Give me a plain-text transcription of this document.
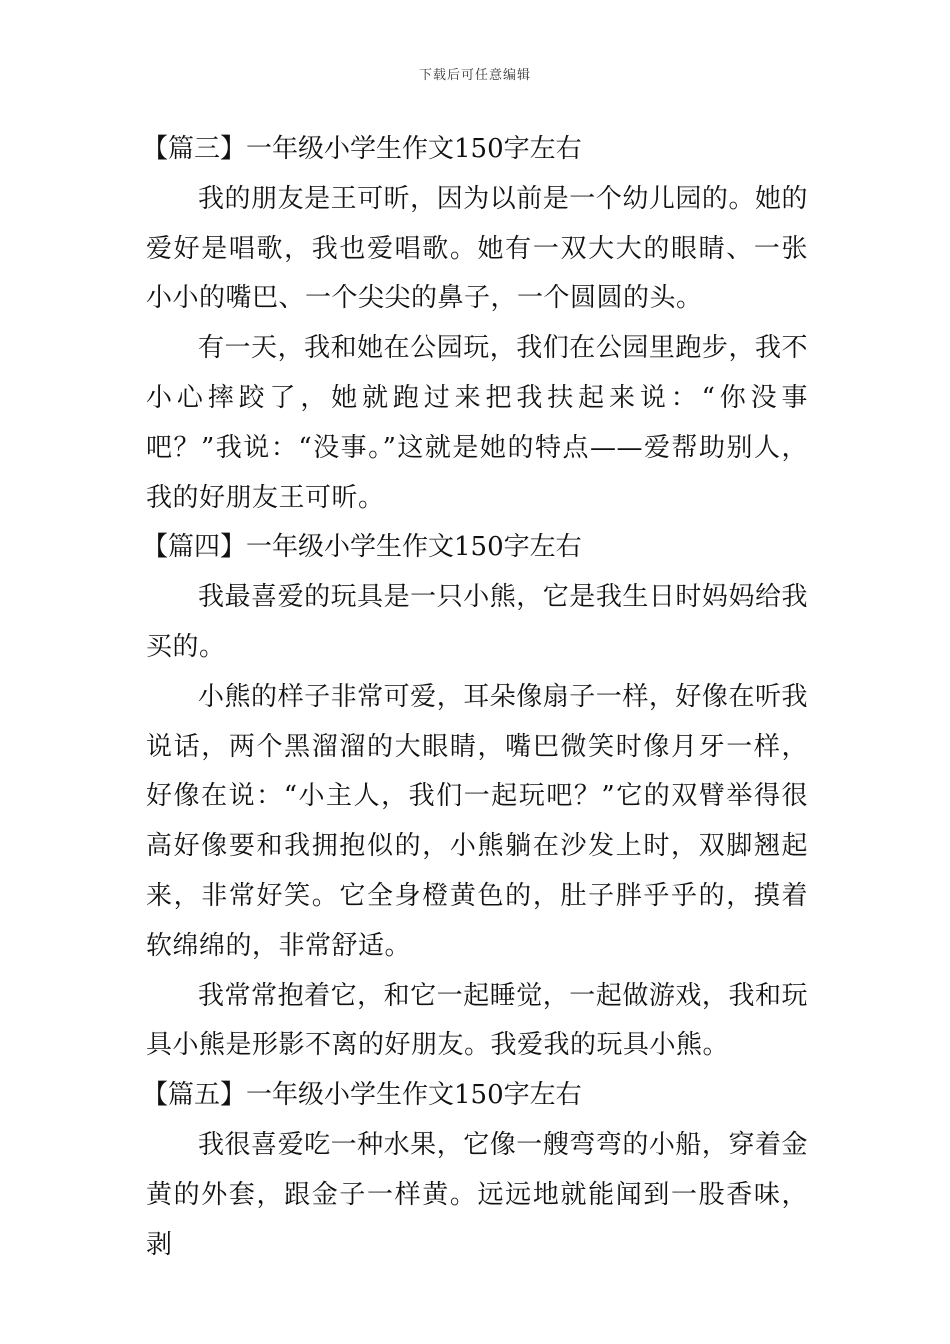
下载后可任意编辑
【篇三】一年级小学生作文150字左右

我的朋友是王可昕，因为以前是一个幼儿园的。她的爱好是唱歌，我也爱唱歌。她有一双大大的眼睛、一张小小的嘴巴、一个尖尖的鼻子，一个圆圆的头。

有一天，我和她在公园玩，我们在公园里跑步，我不小心摔跤了，她就跑过来把我扶起来说：“你没事吧？”我说：“没事。”这就是她的特点——爱帮助别人，我的好朋友王可昕。

【篇四】一年级小学生作文150字左右

我最喜爱的玩具是一只小熊，它是我生日时妈妈给我买的。

小熊的样子非常可爱，耳朵像扇子一样，好像在听我说话，两个黑溜溜的大眼睛，嘴巴微笑时像月牙一样，好像在说：“小主人，我们一起玩吧？”它的双臂举得很高好像要和我拥抱似的，小熊躺在沙发上时，双脚翘起来，非常好笑。它全身橙黄色的，肚子胖乎乎的，摸着软绵绵的，非常舒适。

我常常抱着它，和它一起睡觉，一起做游戏，我和玩具小熊是形影不离的好朋友。我爱我的玩具小熊。

【篇五】一年级小学生作文150字左右

我很喜爱吃一种水果，它像一艘弯弯的小船，穿着金黄的外套，跟金子一样黄。远远地就能闻到一股香味，剥
